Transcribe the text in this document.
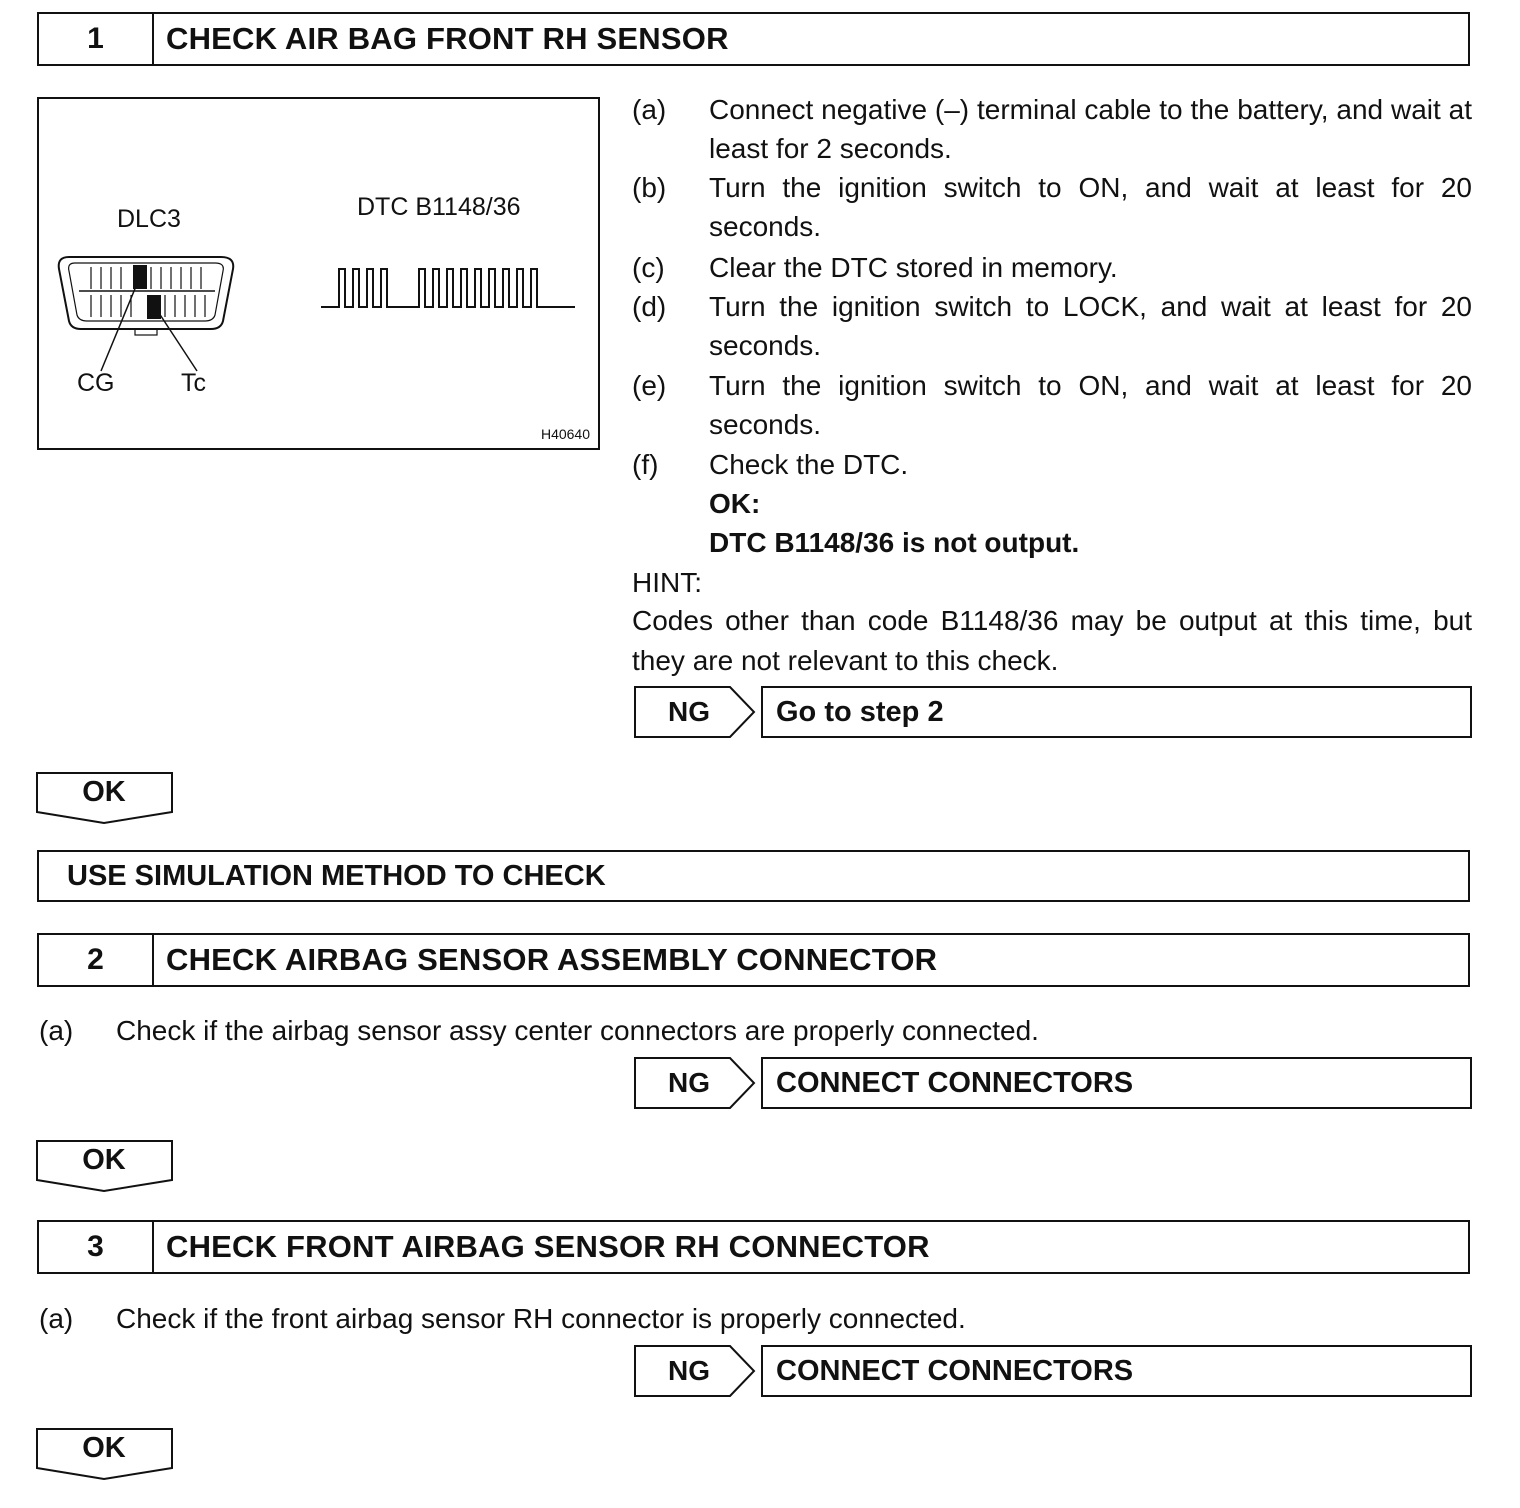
1	CHECK AIR BAG FRONT RH SENSOR
DLC3	DTC B1148/36
CG	Tc
H40640
(a) Connect negative (–) terminal cable to the battery, and wait at least for 2 seconds.
(b) Turn the ignition switch to ON, and wait at least for 20 seconds.
(c) Clear the DTC stored in memory.
(d) Turn the ignition switch to LOCK, and wait at least for 20 seconds.
(e) Turn the ignition switch to ON, and wait at least for 20 seconds.
(f) Check the DTC.
OK:
DTC B1148/36 is not output.
HINT:
Codes other than code B1148/36 may be output at this time, but they are not relevant to this check.
NG	Go to step 2
OK
USE SIMULATION METHOD TO CHECK
2	CHECK AIRBAG SENSOR ASSEMBLY CONNECTOR
(a) Check if the airbag sensor assy center connectors are properly connected.
NG	CONNECT CONNECTORS
OK
3	CHECK FRONT AIRBAG SENSOR RH CONNECTOR
(a) Check if the front airbag sensor RH connector is properly connected.
NG	CONNECT CONNECTORS
OK
